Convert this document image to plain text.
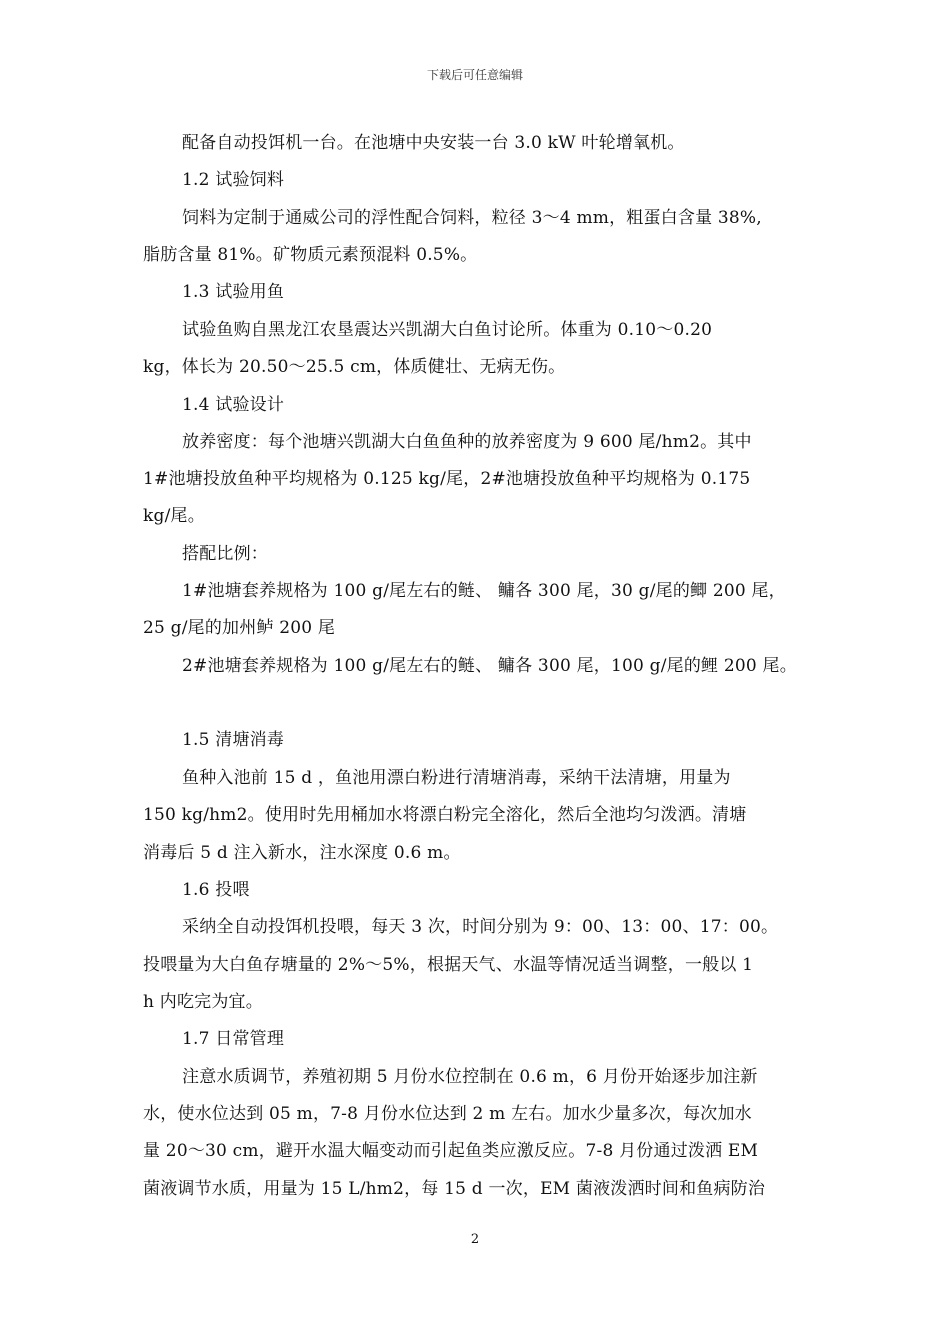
下载后可任意编辑
配备自动投饵机一台。在池塘中央安装一台 3.0 kW 叶轮增氧机。
1.2 试验饲料
饲料为定制于通威公司的浮性配合饲料，粒径 3～4 mm，粗蛋白含量 38%,
脂肪含量 81%。矿物质元素预混料 0.5%。
1.3 试验用鱼
试验鱼购自黑龙江农垦震达兴凯湖大白鱼讨论所。体重为 0.10～0.20
kg，体长为 20.50～25.5 cm，体质健壮、无病无伤。
1.4 试验设计
放养密度：每个池塘兴凯湖大白鱼鱼种的放养密度为 9 600 尾/hm2。其中
1#池塘投放鱼种平均规格为 0.125 kg/尾，2#池塘投放鱼种平均规格为 0.175
kg/尾。
搭配比例：
1#池塘套养规格为 100 g/尾左右的鲢、 鳙各 300 尾，30 g/尾的鲫 200 尾，
25 g/尾的加州鲈 200 尾
2#池塘套养规格为 100 g/尾左右的鲢、 鳙各 300 尾，100 g/尾的鲤 200 尾。
1.5 清塘消毒
鱼种入池前 15 d ，鱼池用漂白粉进行清塘消毒，采纳干法清塘，用量为
150 kg/hm2。使用时先用桶加水将漂白粉完全溶化，然后全池均匀泼洒。清塘
消毒后 5 d 注入新水，注水深度 0.6 m。
1.6 投喂
采纳全自动投饵机投喂，每天 3 次，时间分别为 9：00、13：00、17：00。
投喂量为大白鱼存塘量的 2%～5%，根据天气、水温等情况适当调整，一般以 1
h 内吃完为宜。
1.7 日常管理
注意水质调节，养殖初期 5 月份水位控制在 0.6 m，6 月份开始逐步加注新
水，使水位达到 05 m，7-8 月份水位达到 2 m 左右。加水少量多次，每次加水
量 20～30 cm，避开水温大幅变动而引起鱼类应激反应。7-8 月份通过泼洒 EM
菌液调节水质，用量为 15 L/hm2，每 15 d 一次，EM 菌液泼洒时间和鱼病防治
2
